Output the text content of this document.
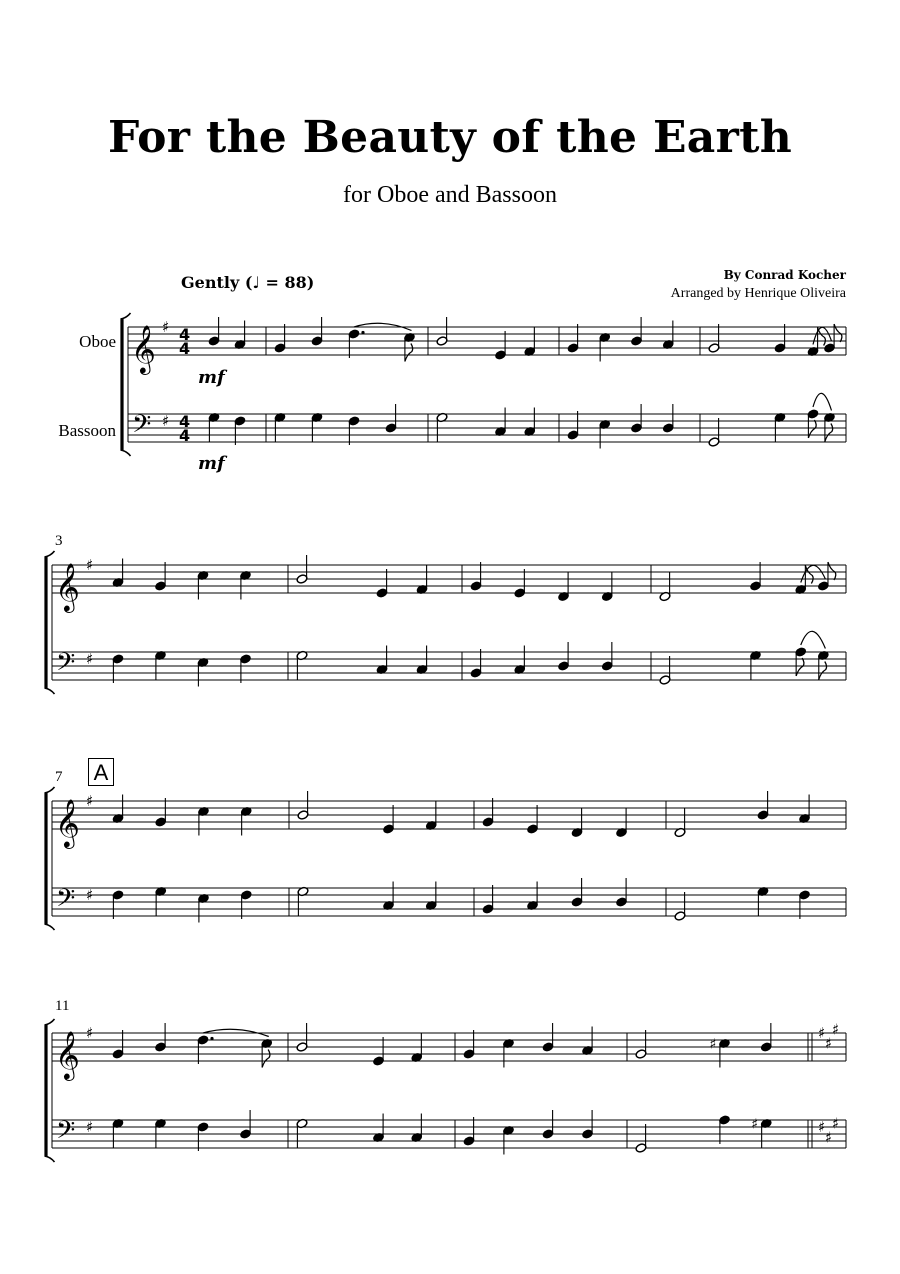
For the Beauty of the Earth
for Oboe and Bassoon
Gently (♩ = 88)	By Conrad Kocher
Arranged by Henrique Oliveira
Oboe
Bassoon
3
7
11
A
𝄞
𝄢
♯
♯
4
4
4
4
𝄞
𝄢
♯
♯
𝄞
𝄢
♯
♯
𝄞
𝄢
♯
♯
♯
♯
♯
♯
♯
♯
♯
♯
mf
mf
